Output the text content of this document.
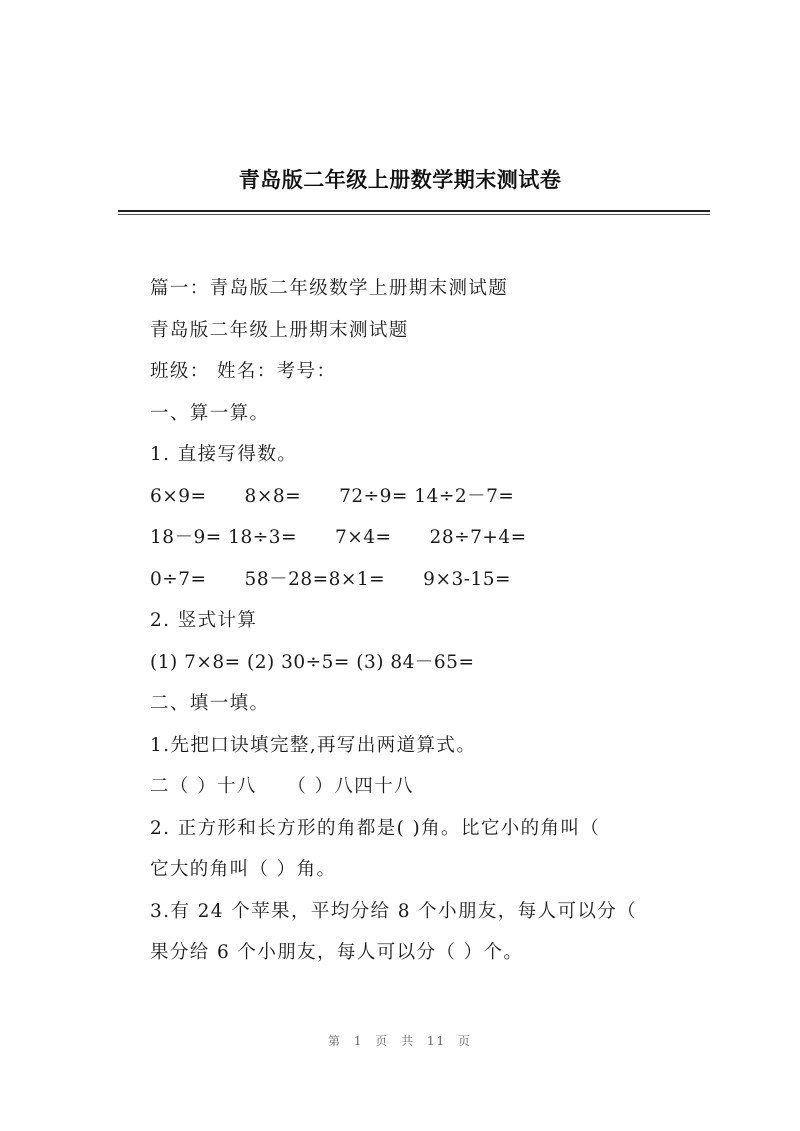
青岛版二年级上册数学期末测试卷
篇一：青岛版二年级数学上册期末测试题
青岛版二年级上册期末测试题
班级： 姓名：考号：
一、算一算。
1. 直接写得数。
6×9=　　8×8=　　72÷9= 14÷2－7=
18－9= 18÷3=　　7×4=　　28÷7+4=
0÷7=　　58－28=8×1=　　9×3-15=
2. 竖式计算
(1) 7×8= (2) 30÷5= (3) 84－65=
二、填一填。
1.先把口诀填完整,再写出两道算式。
二（ ）十八　　（ ）八四十八
2. 正方形和长方形的角都是( )角。比它小的角叫（
它大的角叫（ ）角。
3.有 24 个苹果，平均分给 8 个小朋友，每人可以分（
果分给 6 个小朋友，每人可以分（ ）个。
第 1 页 共 11 页
